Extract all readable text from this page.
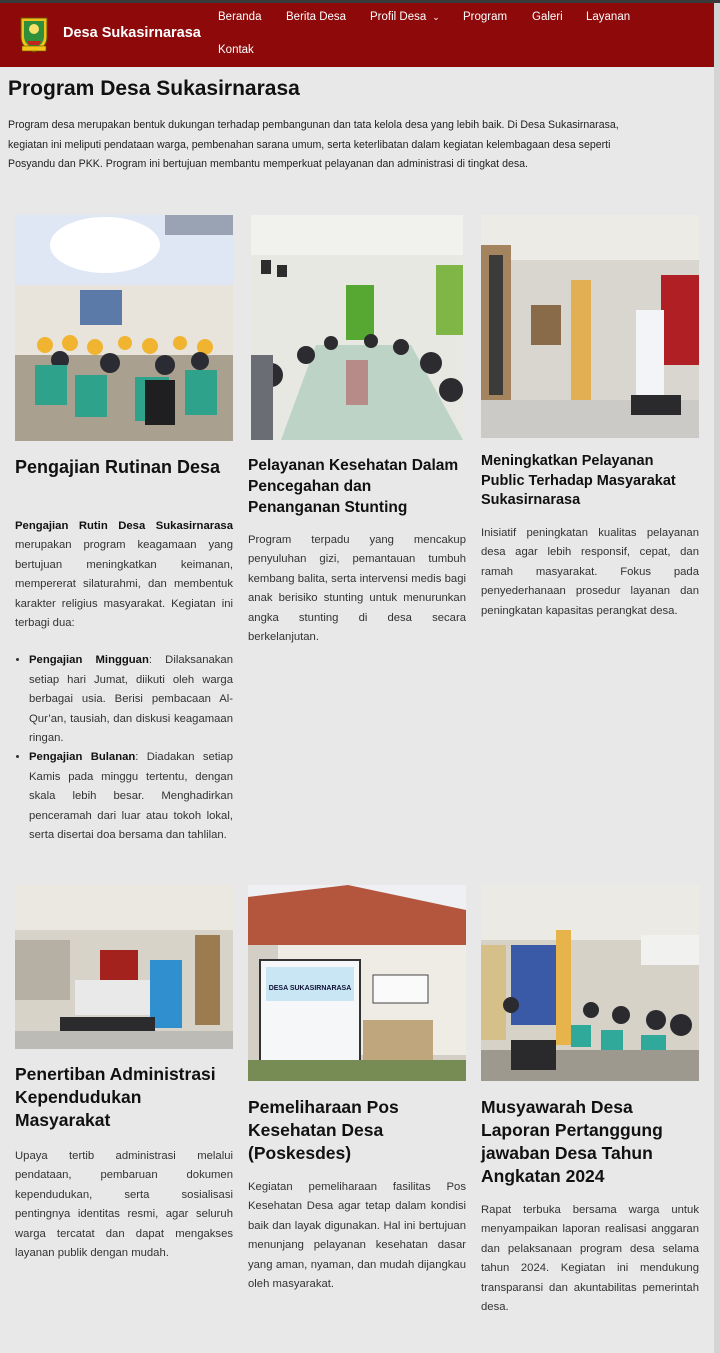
Desa Sukasirnarasa
Beranda Berita Desa Profil Desa ⌄ Program Galeri Layanan
Kontak
Program Desa Sukasirnarasa
Program desa merupakan bentuk dukungan terhadap pembangunan dan tata kelola desa yang lebih baik. Di Desa Sukasirnarasa,
kegiatan ini meliputi pendataan warga, pembenahan sarana umum, serta keterlibatan dalam kegiatan kelembagaan desa seperti
Posyandu dan PKK. Program ini bertujuan membantu memperkuat pelayanan dan administrasi di tingkat desa.
Pengajian Rutinan Desa
Pengajian Rutin Desa Sukasirnarasa merupakan program keagamaan yang bertujuan meningkatkan keimanan, mempererat silaturahmi, dan membentuk karakter religius masyarakat. Kegiatan ini terbagi dua:
• Pengajian Mingguan: Dilaksanakan setiap hari Jumat, diikuti oleh warga berbagai usia. Berisi pembacaan Al-Qur’an, tausiah, dan diskusi keagamaan ringan.
• Pengajian Bulanan: Diadakan setiap Kamis pada minggu tertentu, dengan skala lebih besar. Menghadirkan penceramah dari luar atau tokoh lokal, serta disertai doa bersama dan tahlilan.
Pelayanan Kesehatan Dalam Pencegahan dan Penanganan Stunting
Program terpadu yang mencakup penyuluhan gizi, pemantauan tumbuh kembang balita, serta intervensi medis bagi anak berisiko stunting untuk menurunkan angka stunting di desa secara berkelanjutan.
Meningkatkan Pelayanan Public Terhadap Masyarakat Sukasirnarasa
Inisiatif peningkatan kualitas pelayanan desa agar lebih responsif, cepat, dan ramah masyarakat. Fokus pada penyederhanaan prosedur layanan dan peningkatan kapasitas perangkat desa.
Penertiban Administrasi Kependudukan Masyarakat
Upaya tertib administrasi melalui pendataan, pembaruan dokumen kependudukan, serta sosialisasi pentingnya identitas resmi, agar seluruh warga tercatat dan dapat mengakses layanan publik dengan mudah.
DESA SUKASIRNARASA
Pemeliharaan Pos Kesehatan Desa (Poskesdes)
Kegiatan pemeliharaan fasilitas Pos Kesehatan Desa agar tetap dalam kondisi baik dan layak digunakan. Hal ini bertujuan menunjang pelayanan kesehatan dasar yang aman, nyaman, dan mudah dijangkau oleh masyarakat.
Musyawarah Desa Laporan Pertanggung jawaban Desa Tahun Angkatan 2024
Rapat terbuka bersama warga untuk menyampaikan laporan realisasi anggaran dan pelaksanaan program desa selama tahun 2024. Kegiatan ini mendukung transparansi dan akuntabilitas pemerintah desa.
